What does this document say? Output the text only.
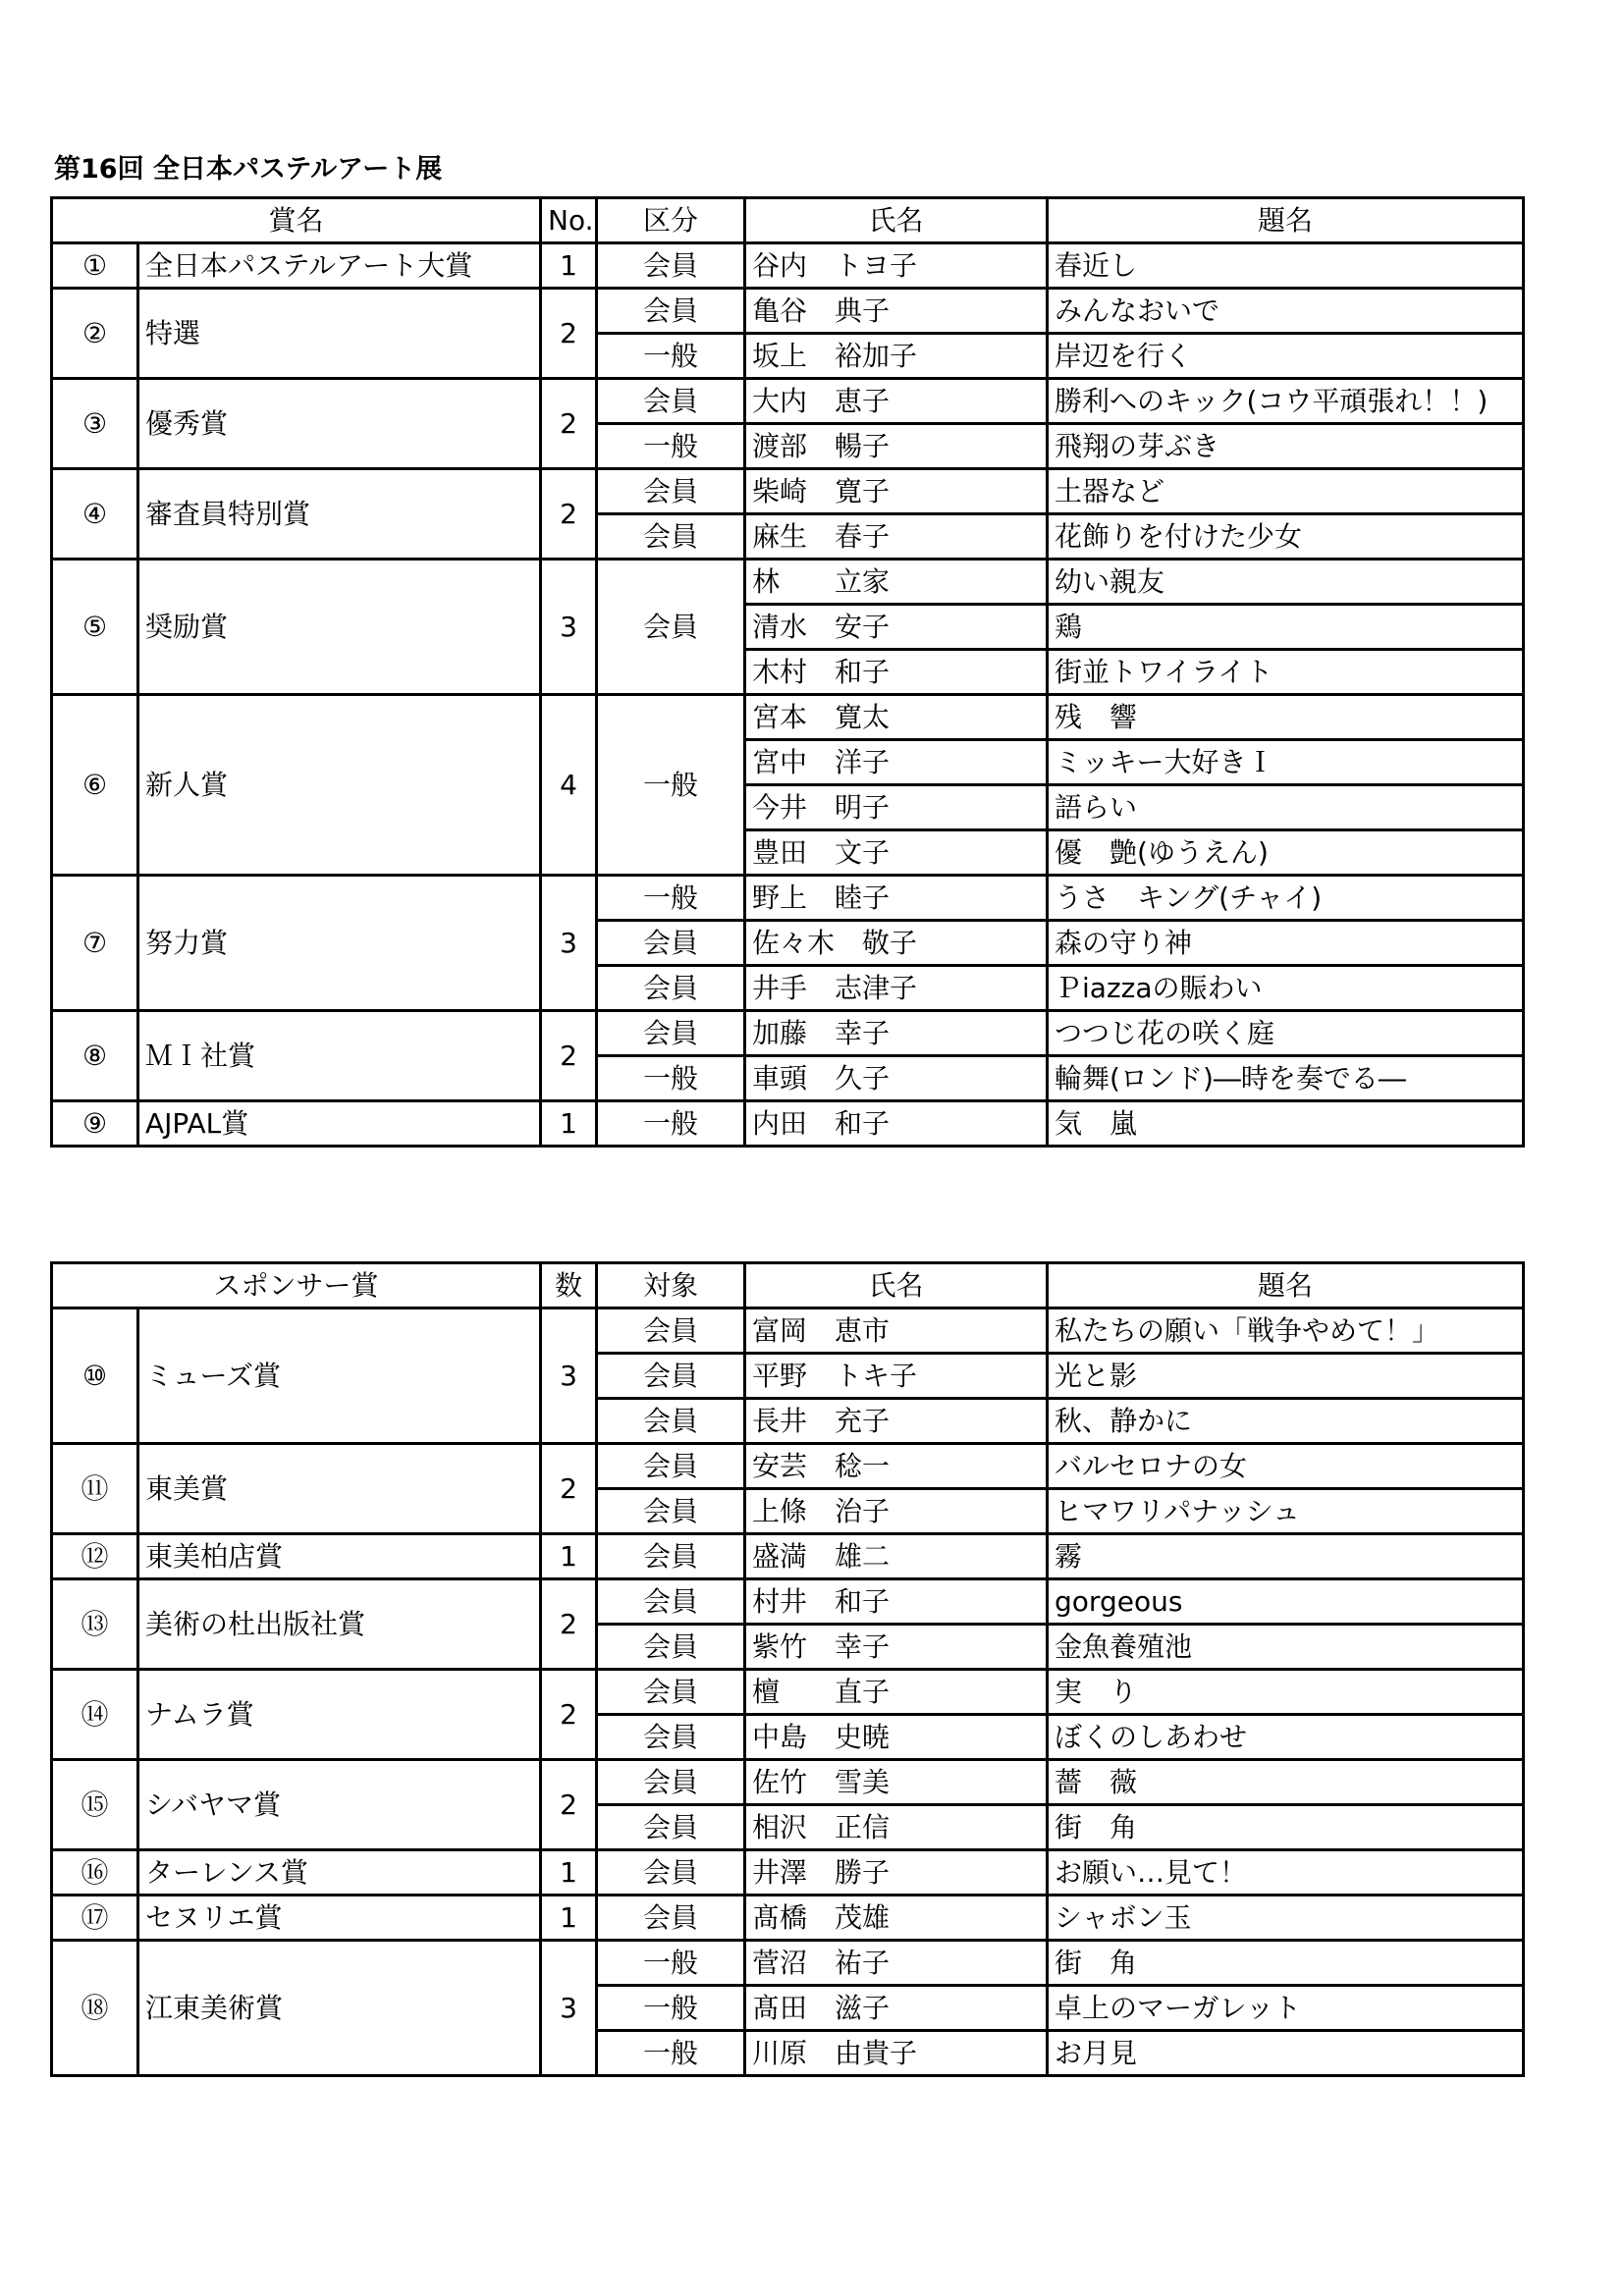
第16回 全日本パステルアート展
賞名		No.	区分	氏名	題名
①	全日本パステルアート大賞	1	会員	谷内　トヨ子	春近し
②	特選	2	会員	亀谷　典子	みんなおいで
			一般	坂上　裕加子	岸辺を行く
③	優秀賞	2	会員	大内　恵子	勝利へのキック(コウ平頑張れ！！)
			一般	渡部　暢子	飛翔の芽ぶき
④	審査員特別賞	2	会員	柴崎　寛子	土器など
			会員	麻生　春子	花飾りを付けた少女
⑤	奨励賞	3	会員	林　　立家	幼い親友
				清水　安子	鶏
				木村　和子	街並トワイライト
⑥	新人賞	4	一般	宮本　寛太	残　響
				宮中　洋子	ミッキー大好きＩ
				今井　明子	語らい
				豊田　文子	優　艶(ゆうえん)
⑦	努力賞	3	一般	野上　睦子	うさ　キング(チャイ)
			会員	佐々木　敬子	森の守り神
			会員	井手　志津子	Ｐiazzaの賑わい
⑧	ＭＩ社賞	2	会員	加藤　幸子	つつじ花の咲く庭
			一般	車頭　久子	輪舞(ロンド)―時を奏でる―
⑨	AJPAL賞	1	一般	内田　和子	気　嵐
スポンサー賞		数	対象	氏名	題名
⑩	ミューズ賞	3	会員	富岡　恵市	私たちの願い「戦争やめて！」
			会員	平野　トキ子	光と影
			会員	長井　充子	秋、静かに
⑪	東美賞	2	会員	安芸　稔一	バルセロナの女
			会員	上條　治子	ヒマワリパナッシュ
⑫	東美柏店賞	1	会員	盛満　雄二	霧
⑬	美術の杜出版社賞	2	会員	村井　和子	gorgeous
			会員	紫竹　幸子	金魚養殖池
⑭	ナムラ賞	2	会員	檀　　直子	実　り
			会員	中島　史暁	ぼくのしあわせ
⑮	シバヤマ賞	2	会員	佐竹　雪美	薔　薇
			会員	相沢　正信	街　角
⑯	ターレンス賞	1	会員	井澤　勝子	お願い…見て！
⑰	セヌリエ賞	1	会員	髙橋　茂雄	シャボン玉
⑱	江東美術賞	3	一般	菅沼　祐子	街　角
			一般	髙田　滋子	卓上のマーガレット
			一般	川原　由貴子	お月見
